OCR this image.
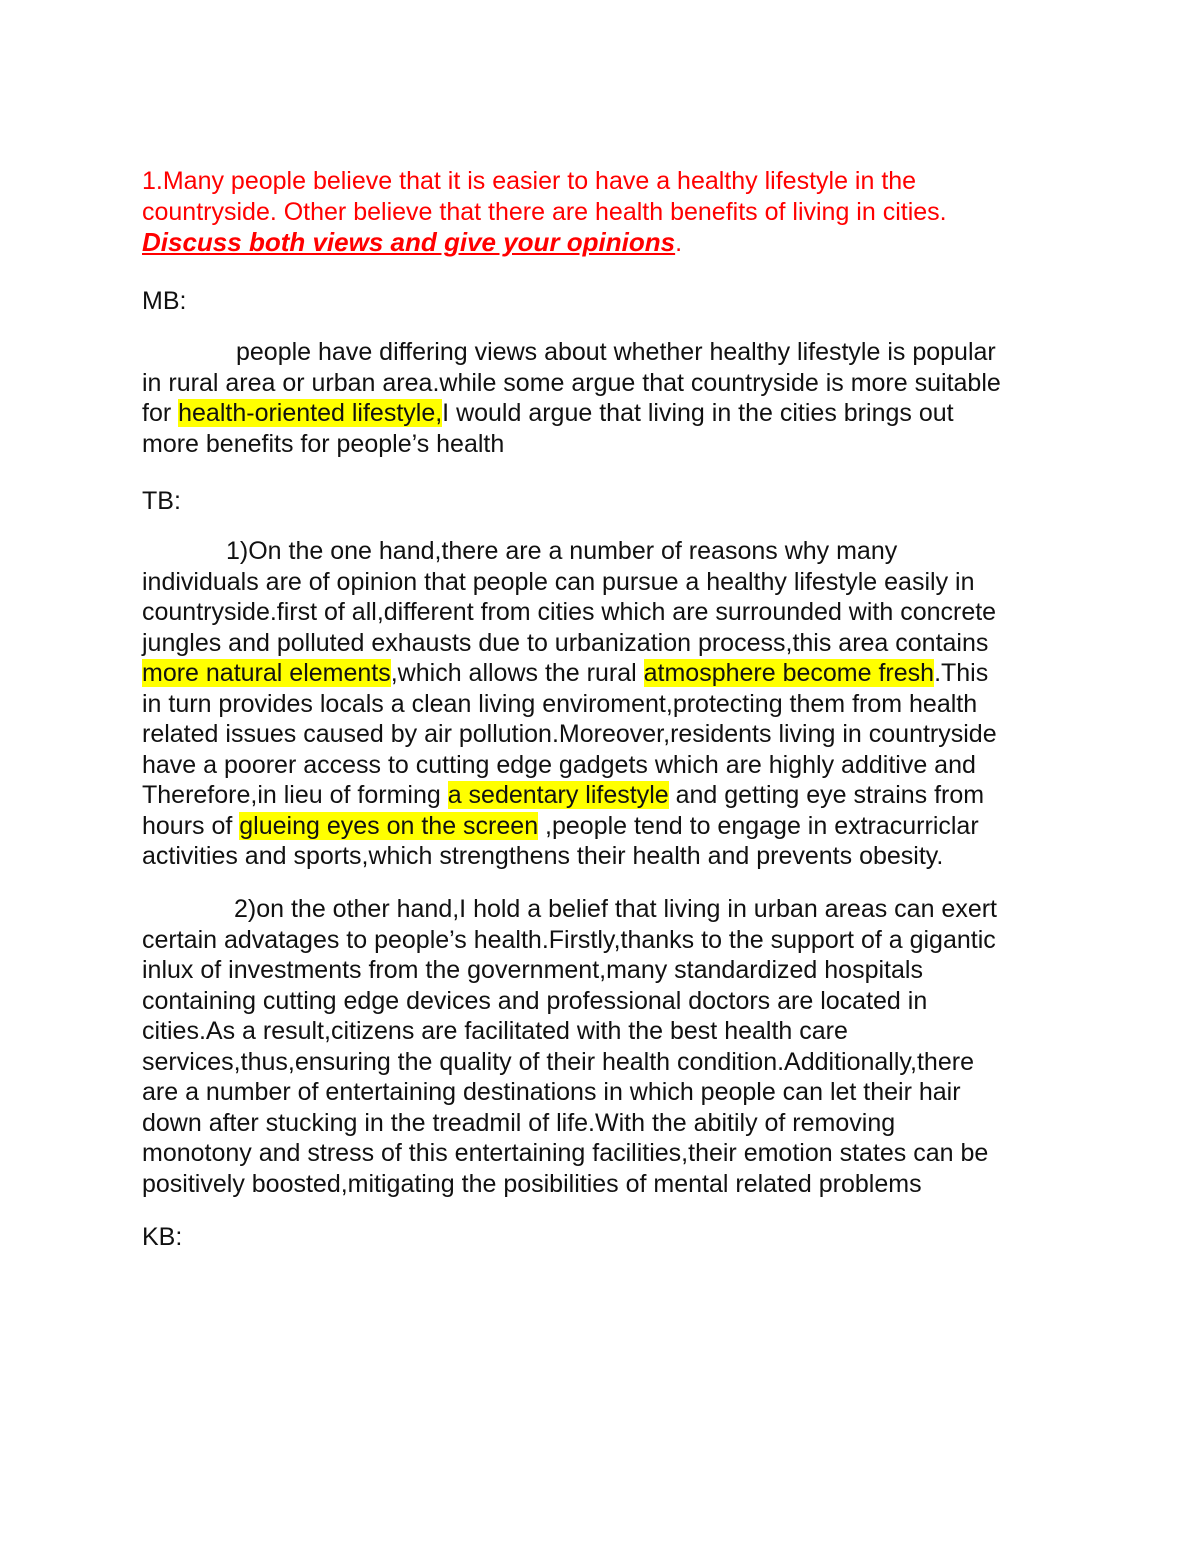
1.Many people believe that it is easier to have a healthy lifestyle in the
countryside. Other believe that there are health benefits of living in cities.
Discuss both views and give your opinions.
MB:
people have differing views about whether healthy lifestyle is popular
in rural area or urban area.while some argue that countryside is more suitable
for health-oriented lifestyle,I would argue that living in the cities brings out
more benefits for people’s health
TB:
1)On the one hand,there are a number of reasons why many
individuals are of opinion that people can pursue a healthy lifestyle easily in
countryside.first of all,different from cities which are surrounded with concrete
jungles and polluted exhausts due to urbanization process,this area contains
more natural elements,which allows the rural atmosphere become fresh.This
in turn provides locals a clean living enviroment,protecting them from health
related issues caused by air pollution.Moreover,residents living in countryside
have a poorer access to cutting edge gadgets which are highly additive and
Therefore,in lieu of forming a sedentary lifestyle and getting eye strains from
hours of glueing eyes on the screen ,people tend to engage in extracurriclar
activities and sports,which strengthens their health and prevents obesity.
2)on the other hand,I hold a belief that living in urban areas can exert
certain advatages to people’s health.Firstly,thanks to the support of a gigantic
inlux of investments from the government,many standardized hospitals
containing cutting edge devices and professional doctors are located in
cities.As a result,citizens are facilitated with the best health care
services,thus,ensuring the quality of their health condition.Additionally,there
are a number of entertaining destinations in which people can let their hair
down after stucking in the treadmil of life.With the abitily of removing
monotony and stress of this entertaining facilities,their emotion states can be
positively boosted,mitigating the posibilities of mental related problems
KB:
